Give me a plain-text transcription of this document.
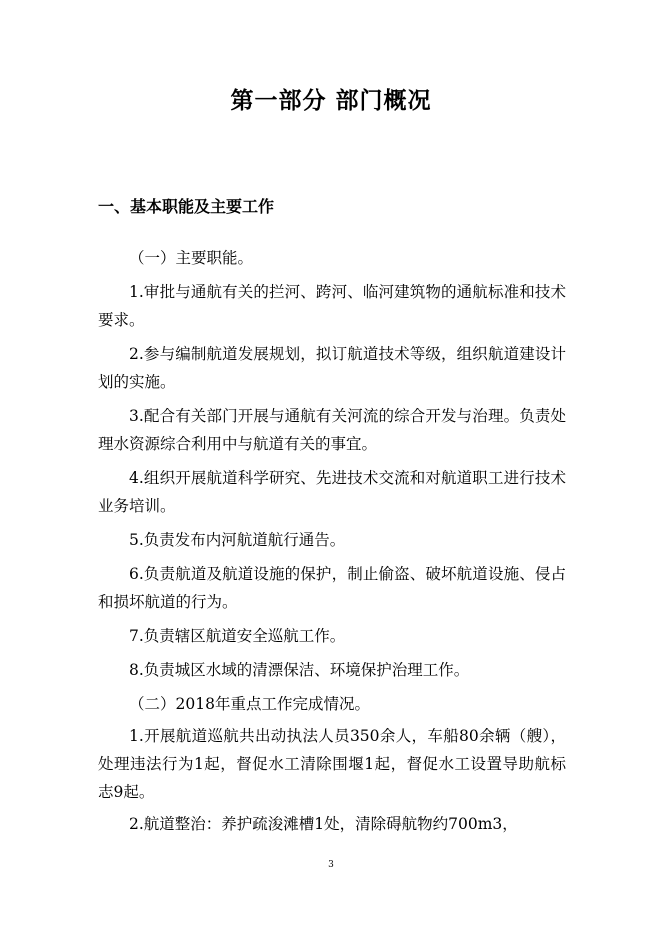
第一部分 部门概况
一、基本职能及主要工作

（一）主要职能。

1.审批与通航有关的拦河、跨河、临河建筑物的通航标准和技术要求。

2.参与编制航道发展规划，拟订航道技术等级，组织航道建设计划的实施。

3.配合有关部门开展与通航有关河流的综合开发与治理。负责处理水资源综合利用中与航道有关的事宜。

4.组织开展航道科学研究、先进技术交流和对航道职工进行技术业务培训。

5.负责发布内河航道航行通告。

6.负责航道及航道设施的保护，制止偷盗、破坏航道设施、侵占和损坏航道的行为。

7.负责辖区航道安全巡航工作。

8.负责城区水域的清漂保洁、环境保护治理工作。

（二）2018年重点工作完成情况。

1.开展航道巡航共出动执法人员350余人，车船80余辆（艘），处理违法行为1起，督促水工清除围堰1起，督促水工设置导助航标志9起。

2.航道整治：养护疏浚滩槽1处，清除碍航物约700m3，

3
